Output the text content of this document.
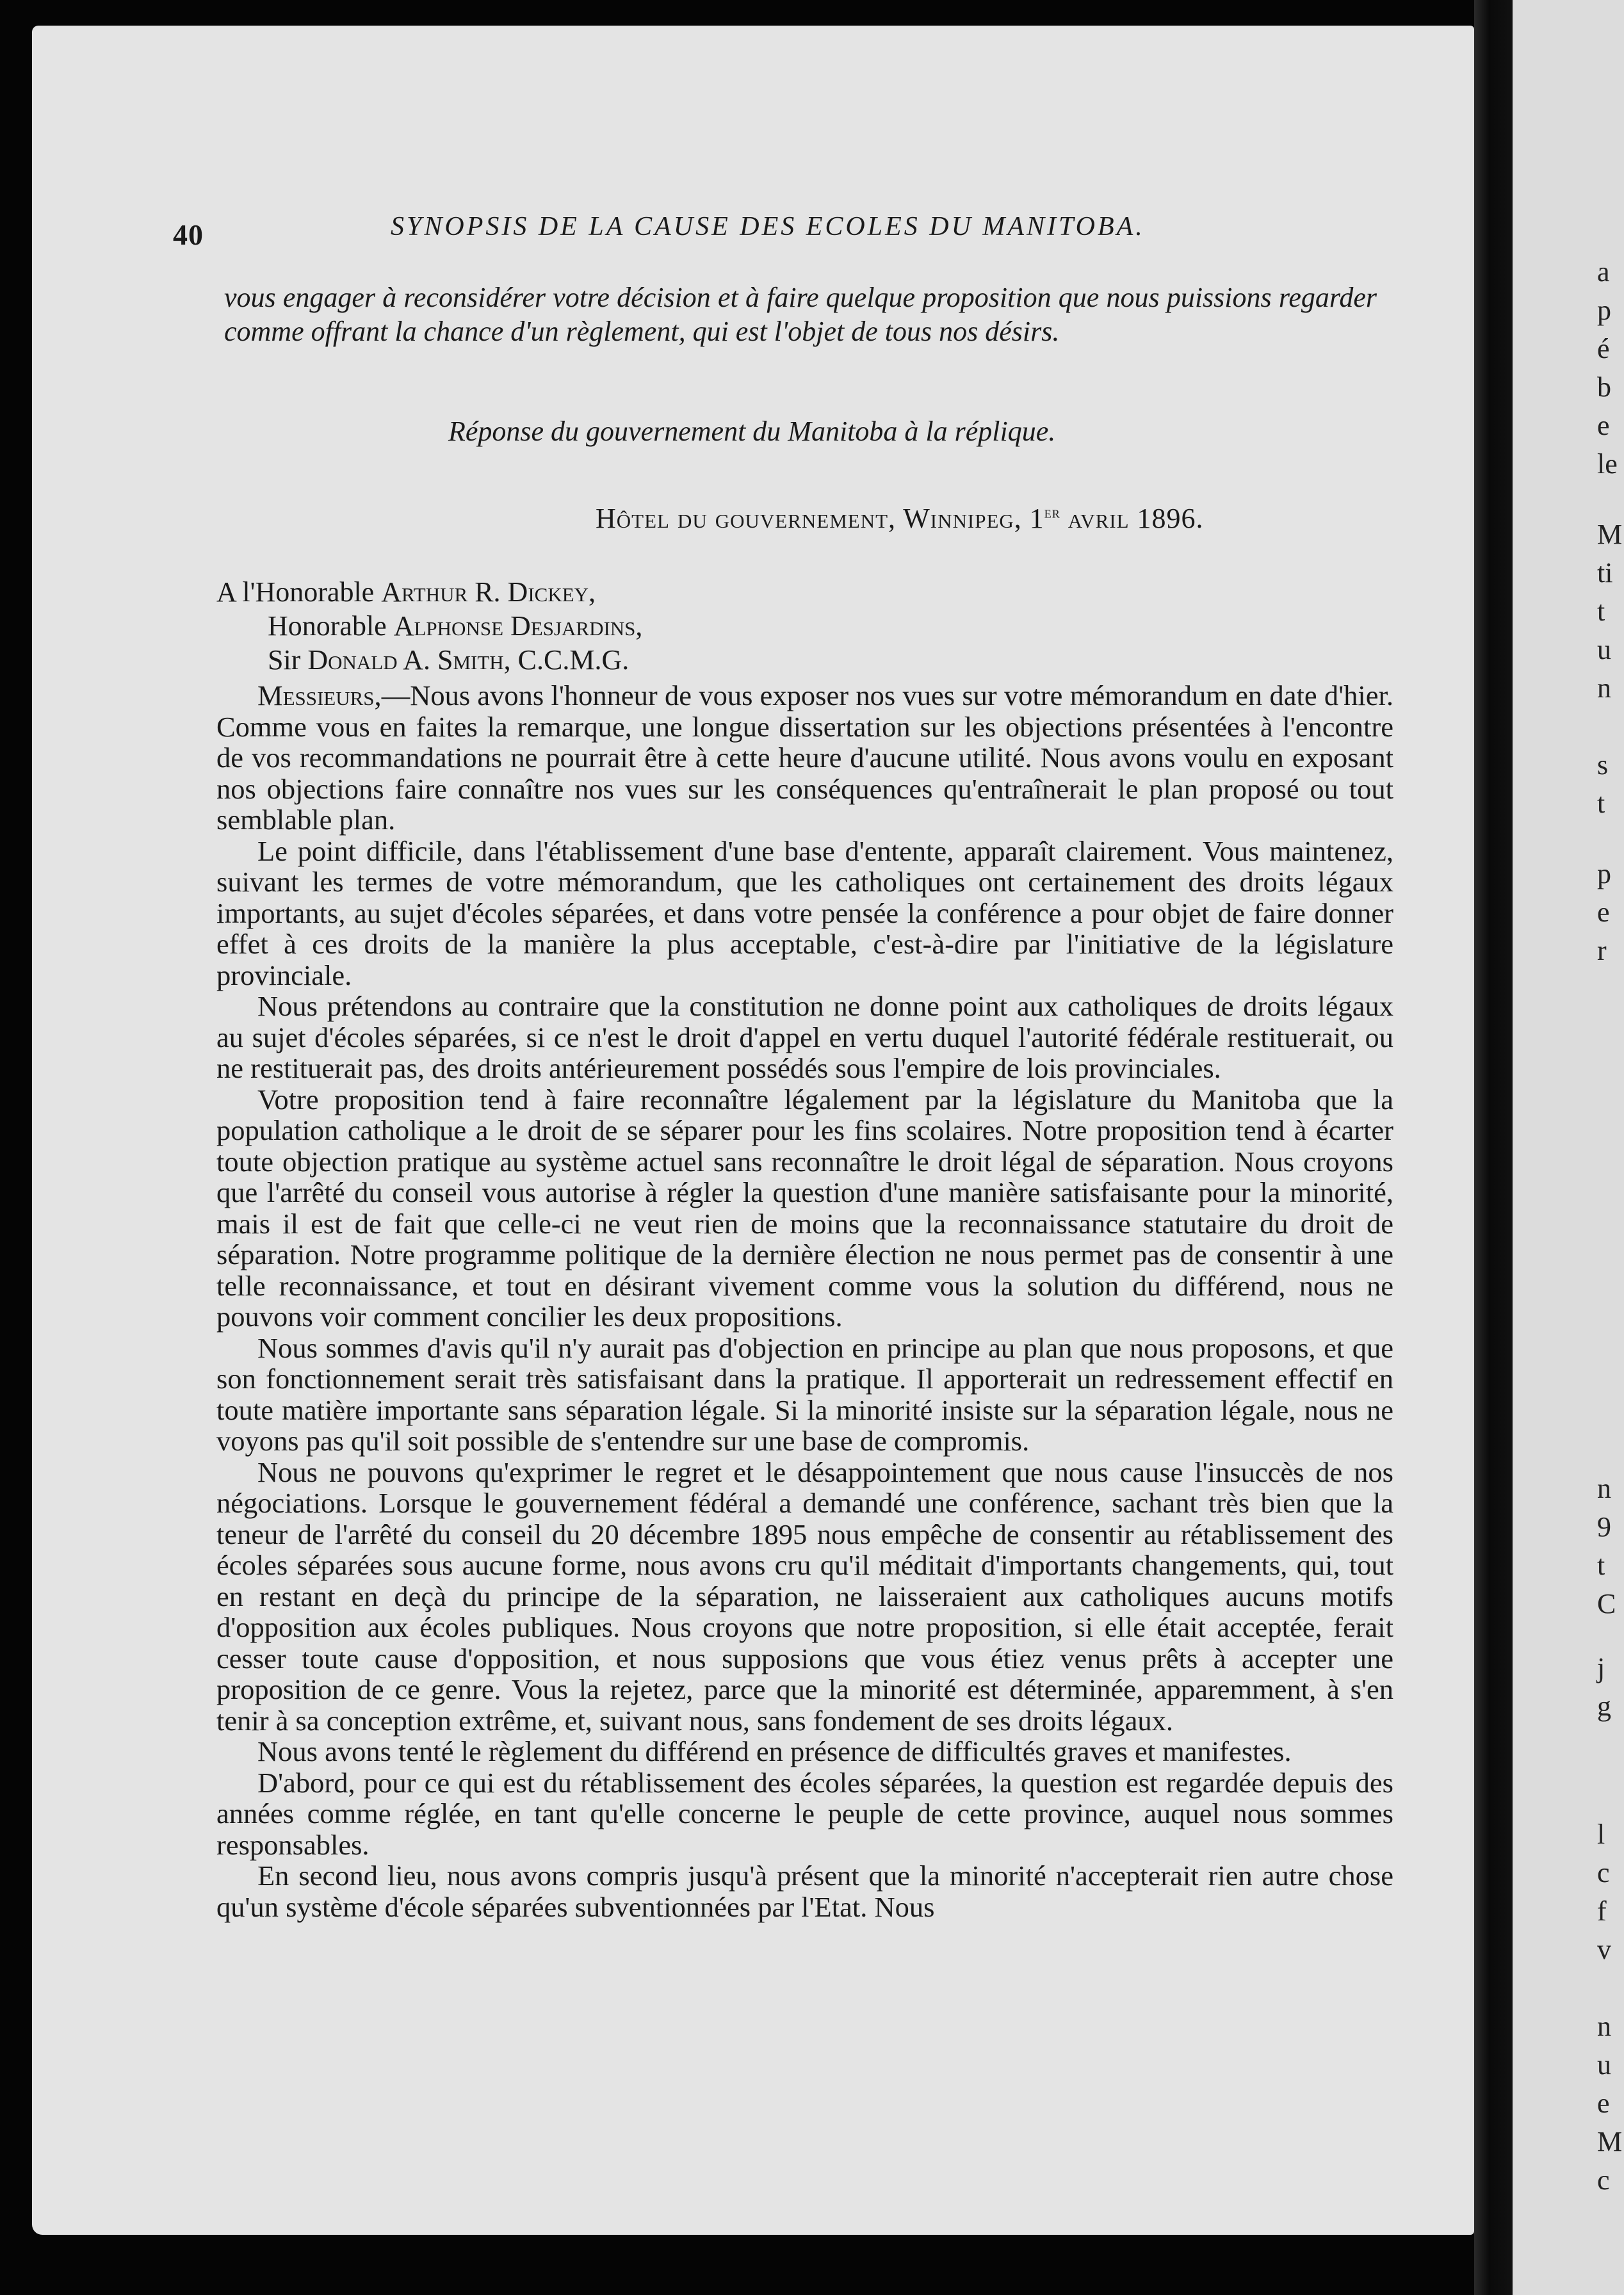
40	SYNOPSIS DE LA CAUSE DES ECOLES DU MANITOBA.
vous engager à reconsidérer votre décision et à faire quelque proposition que nous puissions regarder comme offrant la chance d'un règlement, qui est l'objet de tous nos désirs.
Réponse du gouvernement du Manitoba à la réplique.
Hôtel du gouvernement, Winnipeg, 1er avril 1896.
A l'Honorable Arthur R. Dickey,
Honorable Alphonse Desjardins,
Sir Donald A. Smith, C.C.M.G.

Messieurs,—Nous avons l'honneur de vous exposer nos vues sur votre mémorandum en date d'hier. Comme vous en faites la remarque, une longue dissertation sur les objections présentées à l'encontre de vos recommandations ne pourrait être à cette heure d'aucune utilité. Nous avons voulu en exposant nos objections faire connaître nos vues sur les conséquences qu'entraînerait le plan proposé ou tout semblable plan.

Le point difficile, dans l'établissement d'une base d'entente, apparaît clairement. Vous maintenez, suivant les termes de votre mémorandum, que les catholiques ont certainement des droits légaux importants, au sujet d'écoles séparées, et dans votre pensée la conférence a pour objet de faire donner effet à ces droits de la manière la plus acceptable, c'est-à-dire par l'initiative de la législature provinciale.

Nous prétendons au contraire que la constitution ne donne point aux catholiques de droits légaux au sujet d'écoles séparées, si ce n'est le droit d'appel en vertu duquel l'autorité fédérale restituerait, ou ne restituerait pas, des droits antérieurement possédés sous l'empire de lois provinciales.

Votre proposition tend à faire reconnaître légalement par la législature du Manitoba que la population catholique a le droit de se séparer pour les fins scolaires. Notre proposition tend à écarter toute objection pratique au système actuel sans reconnaître le droit légal de séparation. Nous croyons que l'arrêté du conseil vous autorise à régler la question d'une manière satisfaisante pour la minorité, mais il est de fait que celle-ci ne veut rien de moins que la reconnaissance statutaire du droit de séparation. Notre programme politique de la dernière élection ne nous permet pas de consentir à une telle reconnaissance, et tout en désirant vivement comme vous la solution du différend, nous ne pouvons voir comment concilier les deux propositions.

Nous sommes d'avis qu'il n'y aurait pas d'objection en principe au plan que nous proposons, et que son fonctionnement serait très satisfaisant dans la pratique. Il apporterait un redressement effectif en toute matière importante sans séparation légale. Si la minorité insiste sur la séparation légale, nous ne voyons pas qu'il soit possible de s'entendre sur une base de compromis.

Nous ne pouvons qu'exprimer le regret et le désappointement que nous cause l'insuccès de nos négociations. Lorsque le gouvernement fédéral a demandé une conférence, sachant très bien que la teneur de l'arrêté du conseil du 20 décembre 1895 nous empêche de consentir au rétablissement des écoles séparées sous aucune forme, nous avons cru qu'il méditait d'importants changements, qui, tout en restant en deçà du principe de la séparation, ne laisseraient aux catholiques aucuns motifs d'opposition aux écoles publiques. Nous croyons que notre proposition, si elle était acceptée, ferait cesser toute cause d'opposition, et nous supposions que vous étiez venus prêts à accepter une proposition de ce genre. Vous la rejetez, parce que la minorité est déterminée, apparemment, à s'en tenir à sa conception extrême, et, suivant nous, sans fondement de ses droits légaux.

Nous avons tenté le règlement du différend en présence de difficultés graves et manifestes.

D'abord, pour ce qui est du rétablissement des écoles séparées, la question est regardée depuis des années comme réglée, en tant qu'elle concerne le peuple de cette province, auquel nous sommes responsables.

En second lieu, nous avons compris jusqu'à présent que la minorité n'accepterait rien autre chose qu'un système d'école séparées subventionnées par l'Etat. Nous

a
p
é
b
e
le
M
ti
t
u
n
s
t
p
e
r
n
9
t
C
j
g
l
c
f
v
n
u
e
M
c
